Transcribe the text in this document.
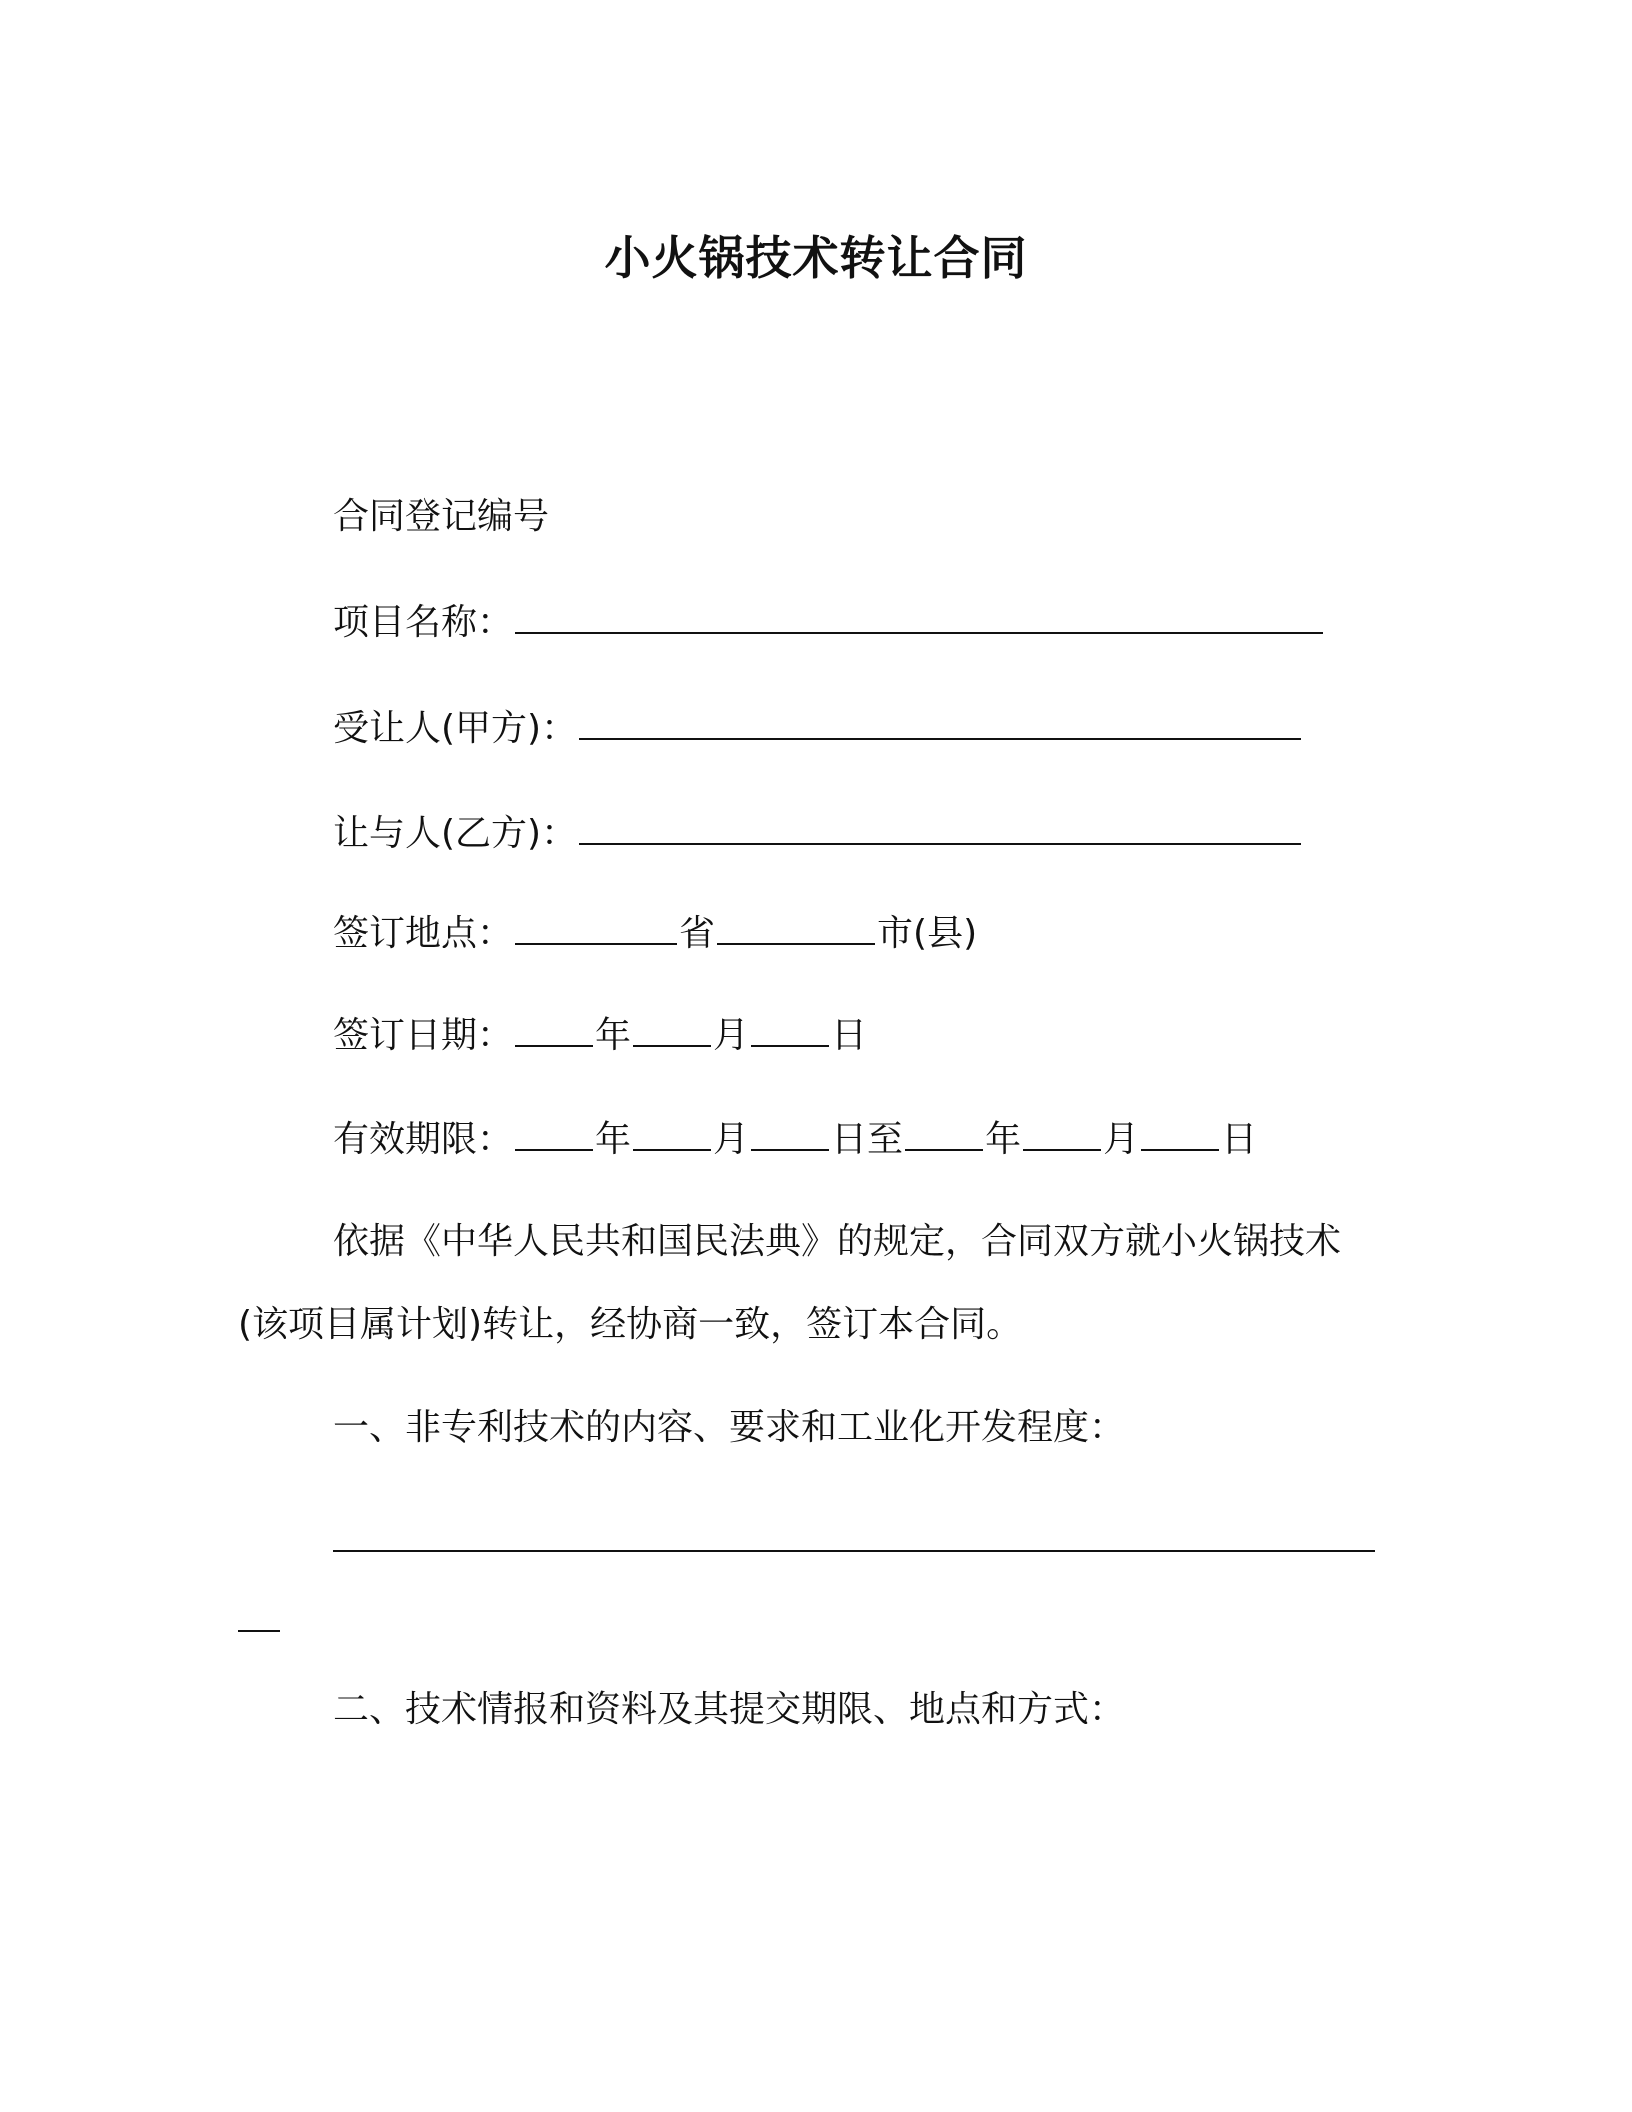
小火锅技术转让合同
合同登记编号
项目名称：
受让人(甲方)：
让与人(乙方)：
签订地点：	省	市(县)
签订日期： 年 月 日
有效期限： 年 月 日至 年 月 日
依据《中华人民共和国民法典》的规定，合同双方就小火锅技术
(该项目属计划)转让，经协商一致，签订本合同。
一、非专利技术的内容、要求和工业化开发程度：
二、技术情报和资料及其提交期限、地点和方式：
